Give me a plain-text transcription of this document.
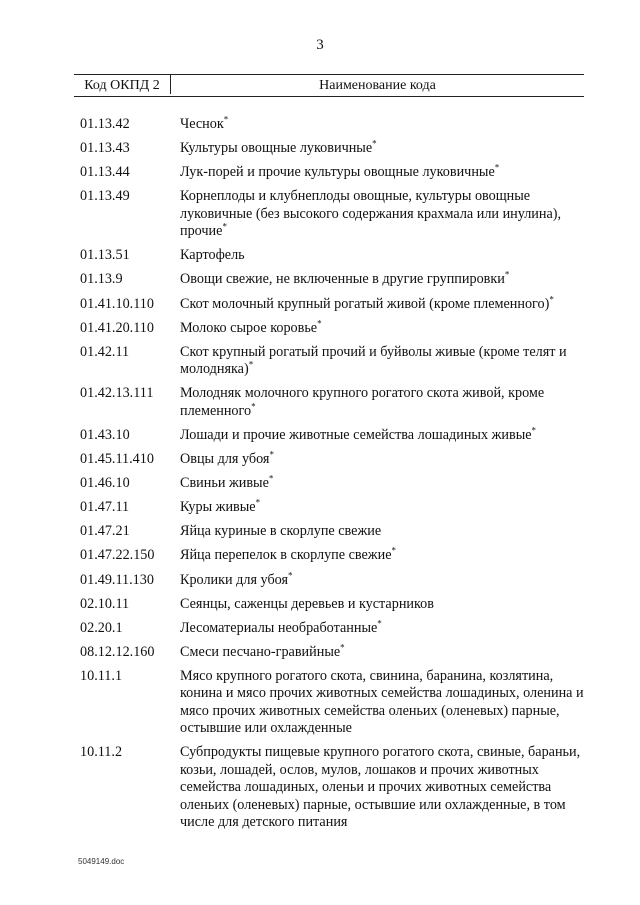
3
Код ОКПД 2	Наименование кода
01.13.42	Чеснок*
01.13.43	Культуры овощные луковичные*
01.13.44	Лук-порей и прочие культуры овощные луковичные*
01.13.49	Корнеплоды и клубнеплоды овощные, культуры овощные луковичные (без высокого содержания крахмала или инулина), прочие*
01.13.51	Картофель
01.13.9	Овощи свежие, не включенные в другие группировки*
01.41.10.110	Скот молочный крупный рогатый живой (кроме племенного)*
01.41.20.110	Молоко сырое коровье*
01.42.11	Скот крупный рогатый прочий и буйволы живые (кроме телят и молодняка)*
01.42.13.111	Молодняк молочного крупного рогатого скота живой, кроме племенного*
01.43.10	Лошади и прочие животные семейства лошадиных живые*
01.45.11.410	Овцы для убоя*
01.46.10	Свиньи живые*
01.47.11	Куры живые*
01.47.21	Яйца куриные в скорлупе свежие
01.47.22.150	Яйца перепелок в скорлупе свежие*
01.49.11.130	Кролики для убоя*
02.10.11	Сеянцы, саженцы деревьев и кустарников
02.20.1	Лесоматериалы необработанные*
08.12.12.160	Смеси песчано-гравийные*
10.11.1	Мясо крупного рогатого скота, свинина, баранина, козлятина, конина и мясо прочих животных семейства лошадиных, оленина и мясо прочих животных семейства оленьих (оленевых) парные, остывшие или охлажденные
10.11.2	Субпродукты пищевые крупного рогатого скота, свиные, бараньи, козьи, лошадей, ослов, мулов, лошаков и прочих животных семейства лошадиных, оленьи и прочих животных семейства оленьих (оленевых) парные, остывшие или охлажденные, в том числе для детского питания
5049149.doc
